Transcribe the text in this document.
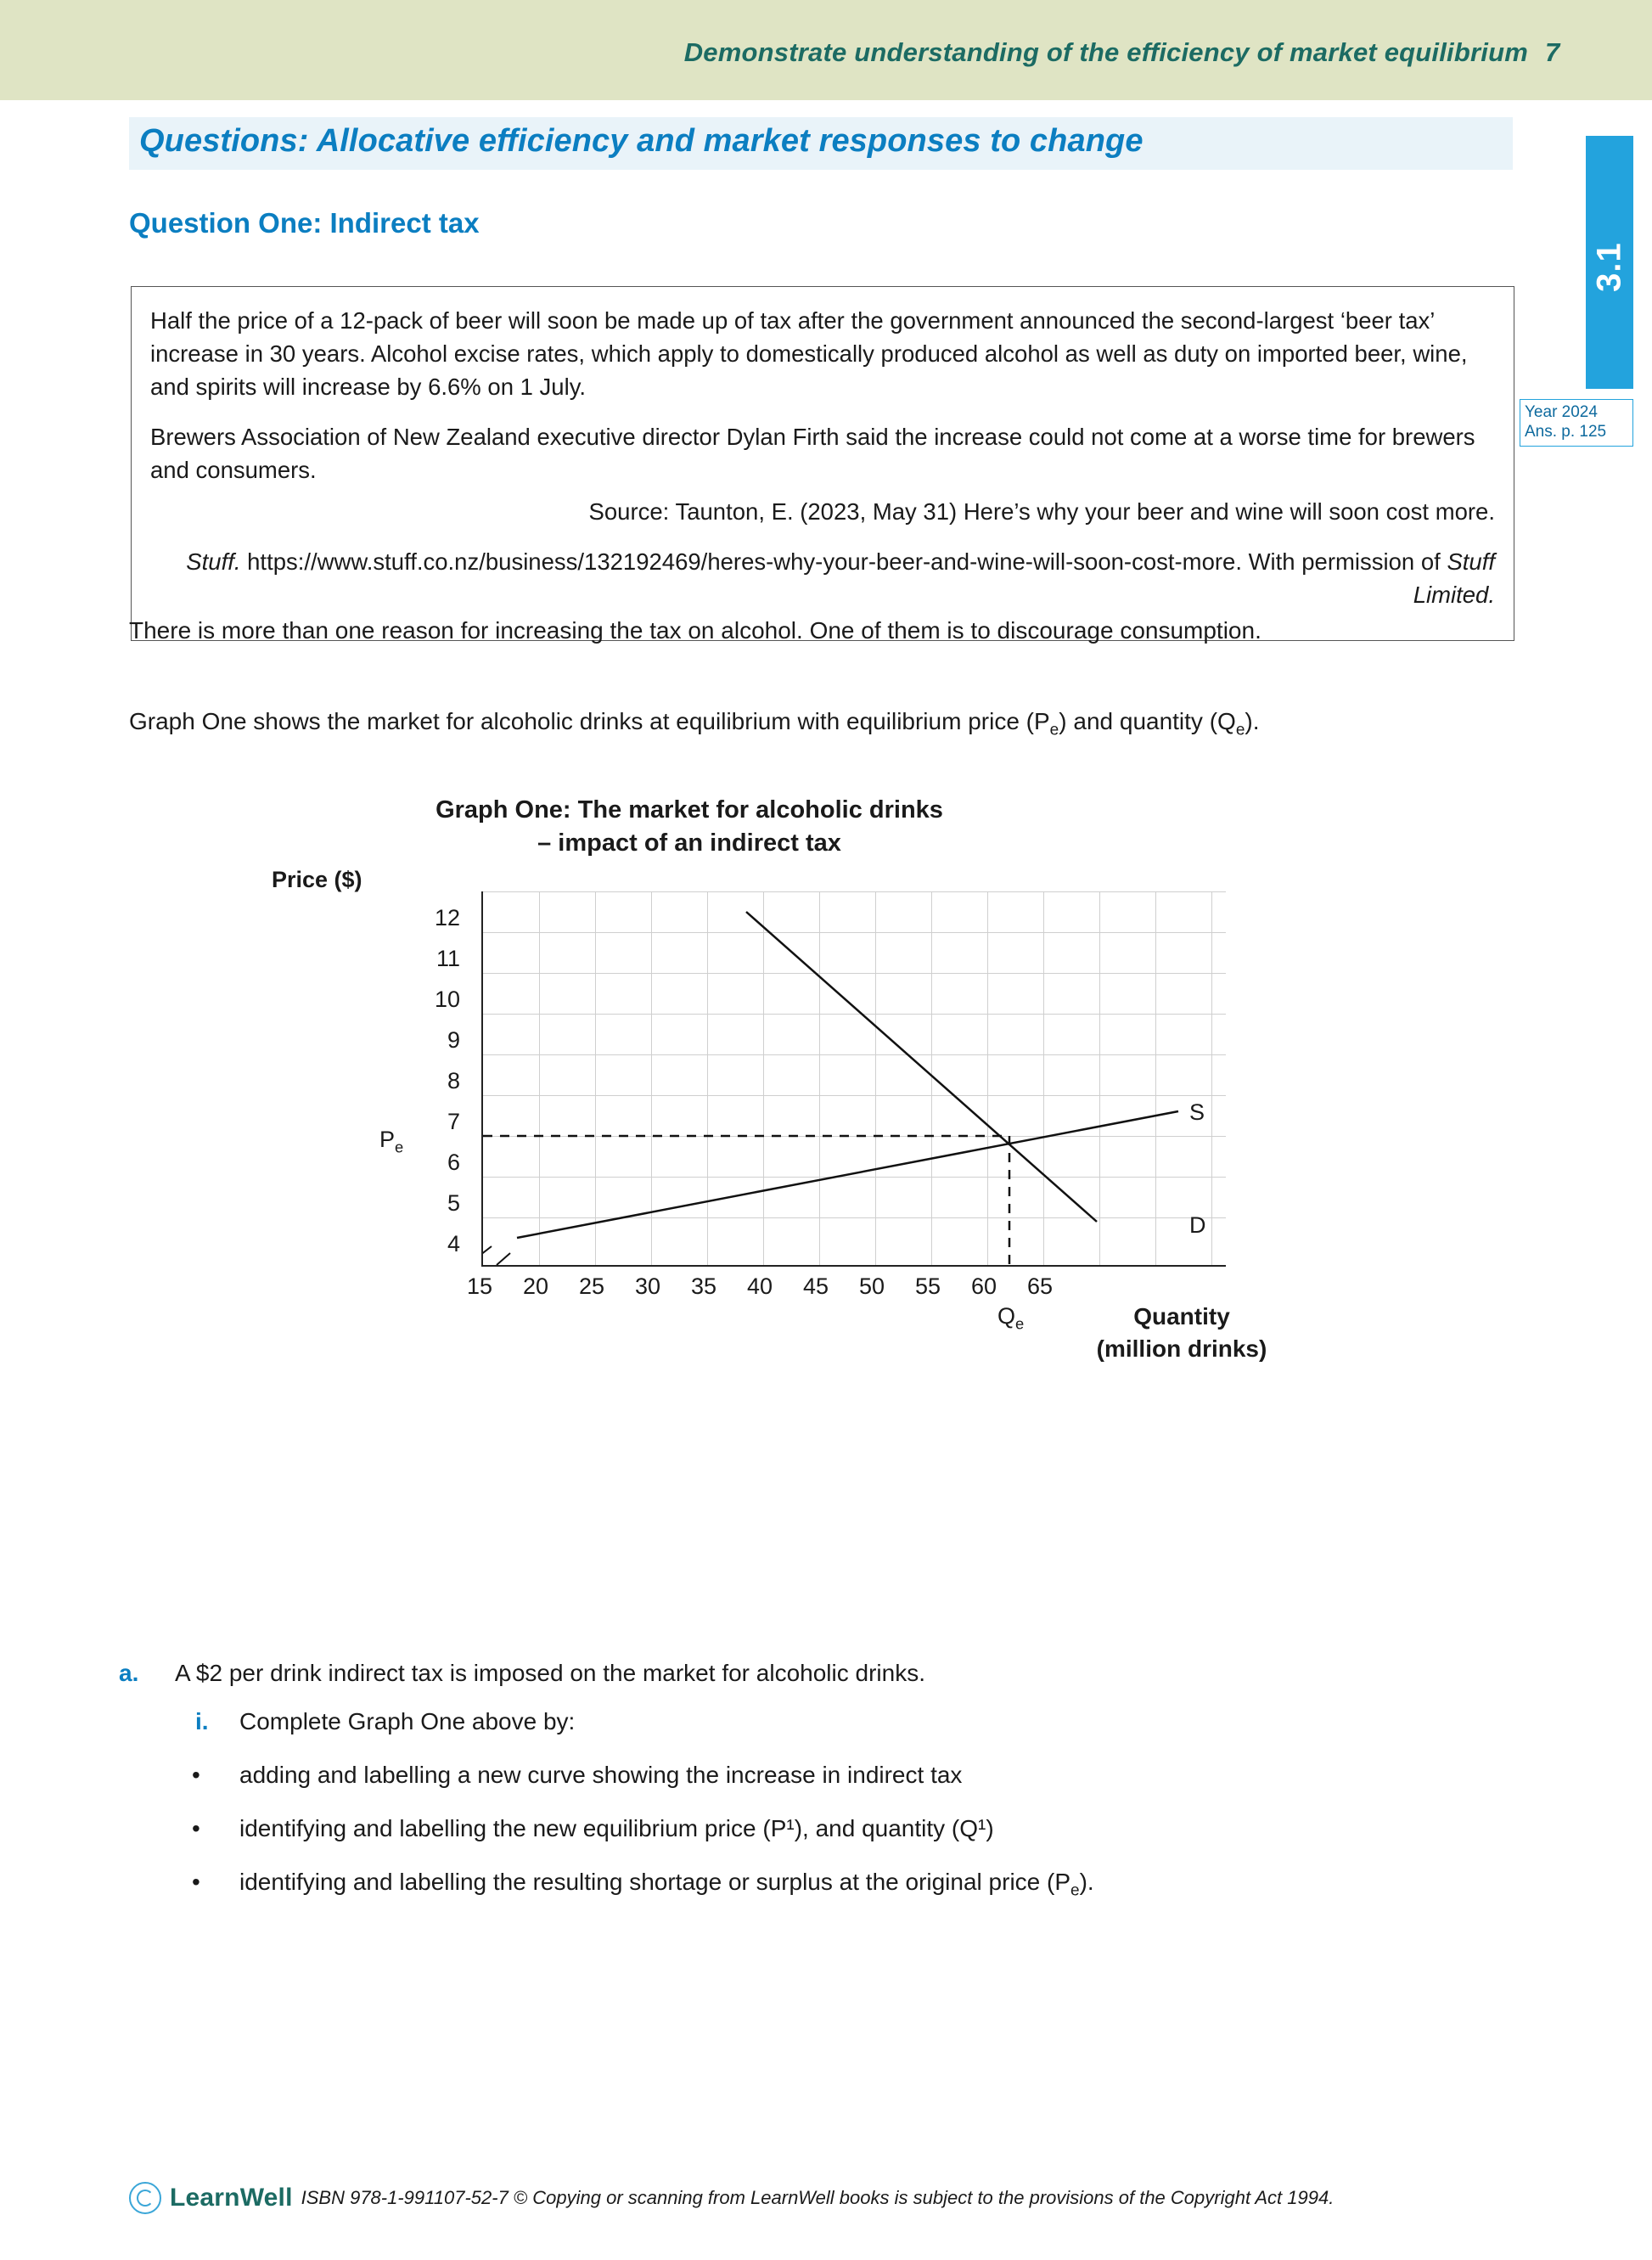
Demonstrate understanding of the efficiency of market equilibrium 7
3.1
Year 2024
Ans. p. 125
Questions: Allocative efficiency and market responses to change
Question One: Indirect tax

Half the price of a 12-pack of beer will soon be made up of tax after the government announced the second-largest ‘beer tax’ increase in 30 years. Alcohol excise rates, which apply to domestically produced alcohol as well as duty on imported beer, wine, and spirits will increase by 6.6% on 1 July.

Brewers Association of New Zealand executive director Dylan Firth said the increase could not come at a worse time for brewers and consumers.

Source: Taunton, E. (2023, May 31) Here’s why your beer and wine will soon cost more.

Stuff. https://www.stuff.co.nz/business/132192469/heres-why-your-beer-and-wine-will-soon-cost-more. With permission of Stuff Limited.

There is more than one reason for increasing the tax on alcohol. One of them is to discourage consumption.
Graph One shows the market for alcoholic drinks at equilibrium with equilibrium price $(P_e)$ and quantity $(Q_e)$.
Graph One: The market for alcoholic drinks
– impact of an indirect tax
Price ($)
12
11
10
9
8
7
6
5
4
$P_e$
S
D
15	20	25	30	35	40	45	50	55	60	65
$Q_e$	Quantity
(million drinks)
a. A $2 per drink indirect tax is imposed on the market for alcoholic drinks.
i. Complete Graph One above by:
• adding and labelling a new curve showing the increase in indirect tax
• identifying and labelling the new equilibrium price (P¹), and quantity (Q¹)
• identifying and labelling the resulting shortage or surplus at the original price $(P_e)$.
LearnWell ISBN 978-1-991107-52-7 © Copying or scanning from LearnWell books is subject to the provisions of the Copyright Act 1994.
